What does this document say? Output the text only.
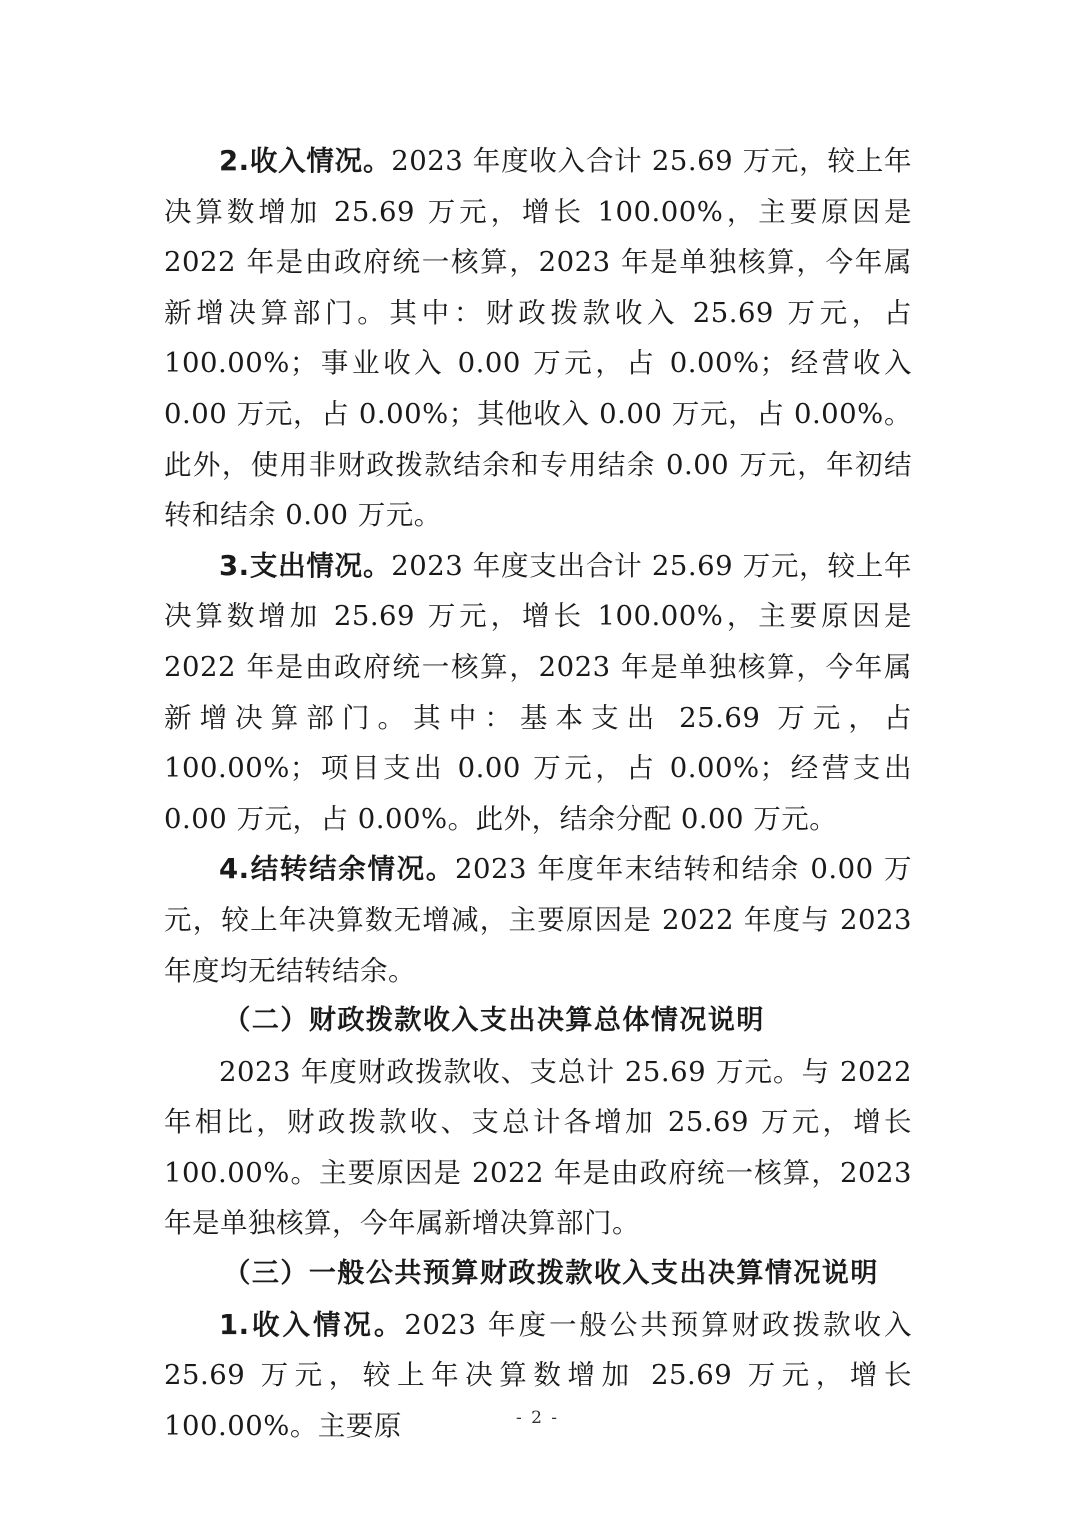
2.收入情况。2023 年度收入合计 25.69 万元，较上年决算数增加 25.69 万元，增长 100.00%，主要原因是 2022 年是由政府统一核算，2023 年是单独核算，今年属新增决算部门。其中：财政拨款收入 25.69 万元，占 100.00%；事业收入 0.00 万元，占 0.00%；经营收入 0.00 万元，占 0.00%；其他收入 0.00 万元，占 0.00%。此外，使用非财政拨款结余和专用结余 0.00 万元，年初结转和结余 0.00 万元。

3.支出情况。2023 年度支出合计 25.69 万元，较上年决算数增加 25.69 万元，增长 100.00%，主要原因是 2022 年是由政府统一核算，2023 年是单独核算，今年属新增决算部门。其中：基本支出 25.69 万元，占 100.00%；项目支出 0.00 万元，占 0.00%；经营支出 0.00 万元，占 0.00%。此外，结余分配 0.00 万元。

4.结转结余情况。2023 年度年末结转和结余 0.00 万元，较上年决算数无增减，主要原因是 2022 年度与 2023 年度均无结转结余。

（二）财政拨款收入支出决算总体情况说明

2023 年度财政拨款收、支总计 25.69 万元。与 2022 年相比，财政拨款收、支总计各增加 25.69 万元，增长 100.00%。主要原因是 2022 年是由政府统一核算，2023 年是单独核算，今年属新增决算部门。

（三）一般公共预算财政拨款收入支出决算情况说明

1.收入情况。2023 年度一般公共预算财政拨款收入 25.69 万元，较上年决算数增加 25.69 万元，增长 100.00%。主要原	- 2 -
